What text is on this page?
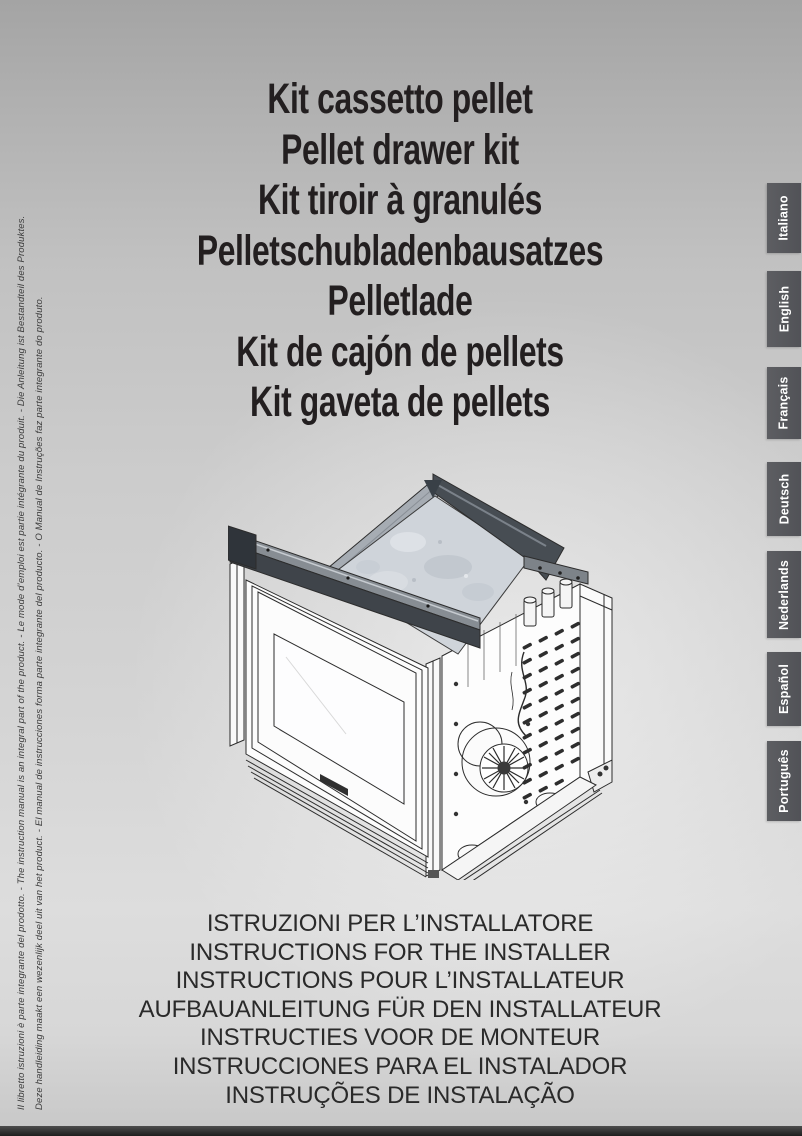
Il libretto istruzioni è parte integrante del prodotto. - The instruction manual is an integral part of the product. - Le mode d’emploi est partie intégrante du produit. - Die Anleitung ist Bestandteil des Produktes. Deze handleiding maakt een wezenlijk deel uit van het product. - El manual de instrucciones forma parte integrante del producto. - O Manual de Instruções faz parte integrante do produto.
Kit cassetto pellet
Pellet drawer kit
Kit tiroir à granulés
Pelletschubladenbausatzes
Pelletlade
Kit de cajón de pellets
Kit gaveta de pellets
ISTRUZIONI PER L’INSTALLATORE
INSTRUCTIONS FOR THE INSTALLER
INSTRUCTIONS POUR L’INSTALLATEUR
AUFBAUANLEITUNG FÜR DEN INSTALLATEUR
INSTRUCTIES VOOR DE MONTEUR
INSTRUCCIONES PARA EL INSTALADOR
INSTRUÇÕES DE INSTALAÇÃO
Italiano
English
Français
Deutsch
Nederlands
Español
Português
